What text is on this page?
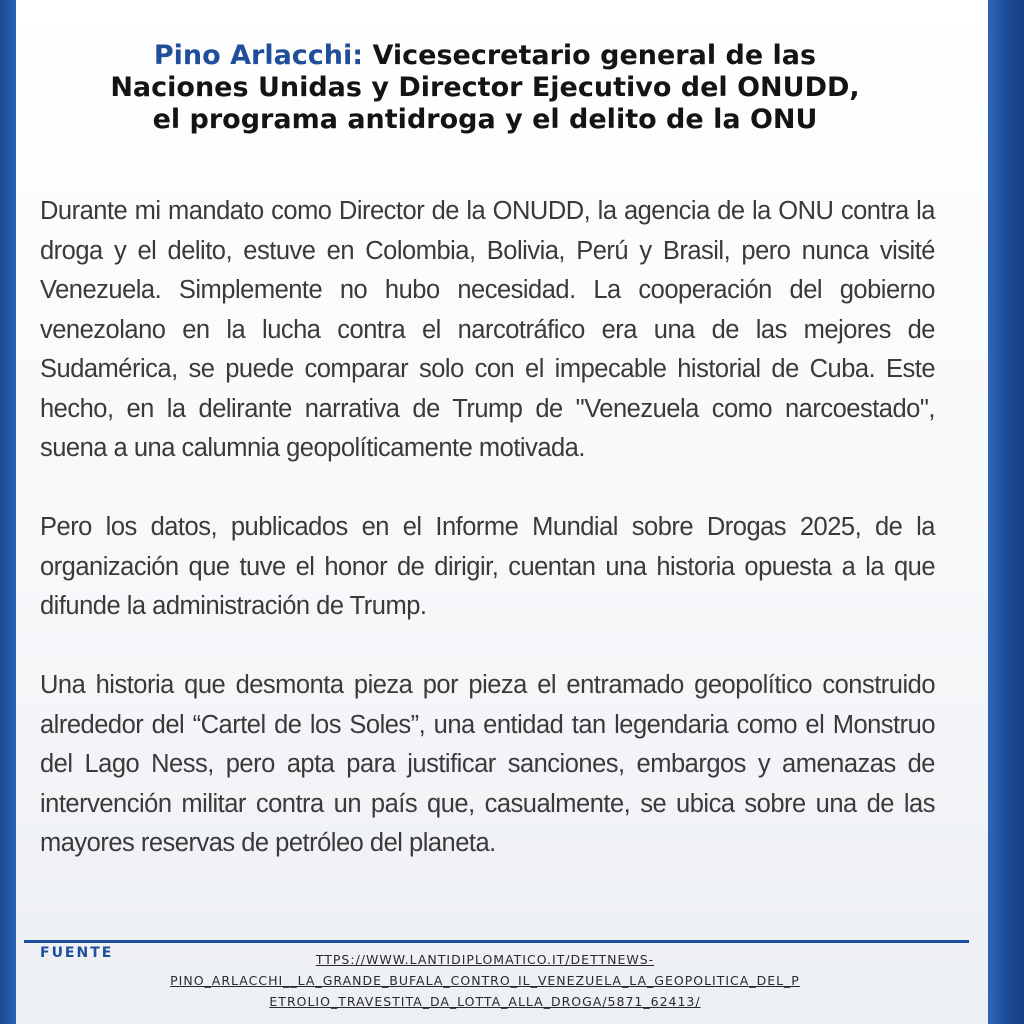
Pino Arlacchi: Vicesecretario general de las
Naciones Unidas y Director Ejecutivo del ONUDD,
el programa antidroga y el delito de la ONU

Durante mi mandato como Director de la ONUDD, la agencia de la ONU contra la droga y el delito, estuve en Colombia, Bolivia, Perú y Brasil, pero nunca visité Venezuela. Simplemente no hubo necesidad. La cooperación del gobierno venezolano en la lucha contra el narcotráfico era una de las mejores de Sudamérica, se puede comparar solo con el impecable historial de Cuba. Este hecho, en la delirante narrativa de Trump de "Venezuela como narcoestado", suena a una calumnia geopolíticamente motivada.

Pero los datos, publicados en el Informe Mundial sobre Drogas 2025, de la organización que tuve el honor de dirigir, cuentan una historia opuesta a la que difunde la administración de Trump.

Una historia que desmonta pieza por pieza el entramado geopolítico construido alrededor del “Cartel de los Soles”, una entidad tan legendaria como el Monstruo del Lago Ness, pero apta para justificar sanciones, embargos y amenazas de intervención militar contra un país que, casualmente, se ubica sobre una de las mayores reservas de petróleo del planeta.

FUENTE	TTPS://WWW.LANTIDIPLOMATICO.IT/DETTNEWS-
PINO_ARLACCHI__LA_GRANDE_BUFALA_CONTRO_IL_VENEZUELA_LA_GEOPOLITICA_DEL_P
ETROLIO_TRAVESTITA_DA_LOTTA_ALLA_DROGA/5871_62413/
